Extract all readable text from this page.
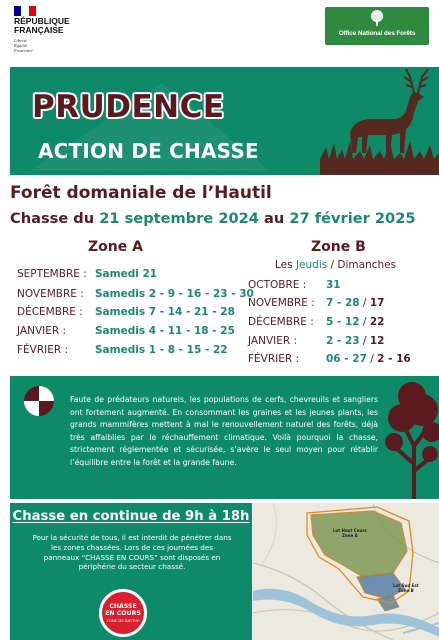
RÉPUBLIQUE
FRANÇAISE
Liberté
Égalité
Fraternité
Office National des Forêts
PRUDENCE
ACTION DE CHASSE
Forêt domaniale de l’Hautil
Chasse du 21 septembre 2024 au 27 février 2025
Zone A
SEPTEMBRE : Samedi 21
NOVEMBRE : Samedis 2 - 9 - 16 - 23 - 30
DÉCEMBRE : Samedis 7 - 14 - 21 - 28
JANVIER :	Samedis 4 - 11 - 18 - 25
FÉVRIER :	Samedis 1 - 8 - 15 - 22
Zone B
Les Jeudis / Dimanches
OCTOBRE : 31
NOVEMBRE : 7 - 28 / 17
DÉCEMBRE : 5 - 12 / 22
JANVIER :	2 - 23 / 12
FÉVRIER :	06 - 27 / 2 - 16
Faute de prédateurs naturels, les populations de cerfs, chevreuils et sangliers ont fortement augmenté. En consommant les graines et les jeunes plants, les grands mammifères mettent à mal le renouvellement naturel des forêts, déjà très affaiblies par le réchauffement climatique. Voilà pourquoi la chasse, strictement réglementée et sécurisée, s’avère le seul moyen pour rétablir l’équilibre entre la forêt et la grande faune.
Chasse en continue de 9h à 18h
Pour la sécurité de tous, il est interdit de pénétrer dans les zones chassées. Lors de ces journées des panneaux “CHASSE EN COURS” sont disposés en périphérie du secteur chassé.
CHASSE
EN COURS
ZONE DE BATTUE
Lot Haut Cours
Zone A
Lot Sud Est
Zone B
